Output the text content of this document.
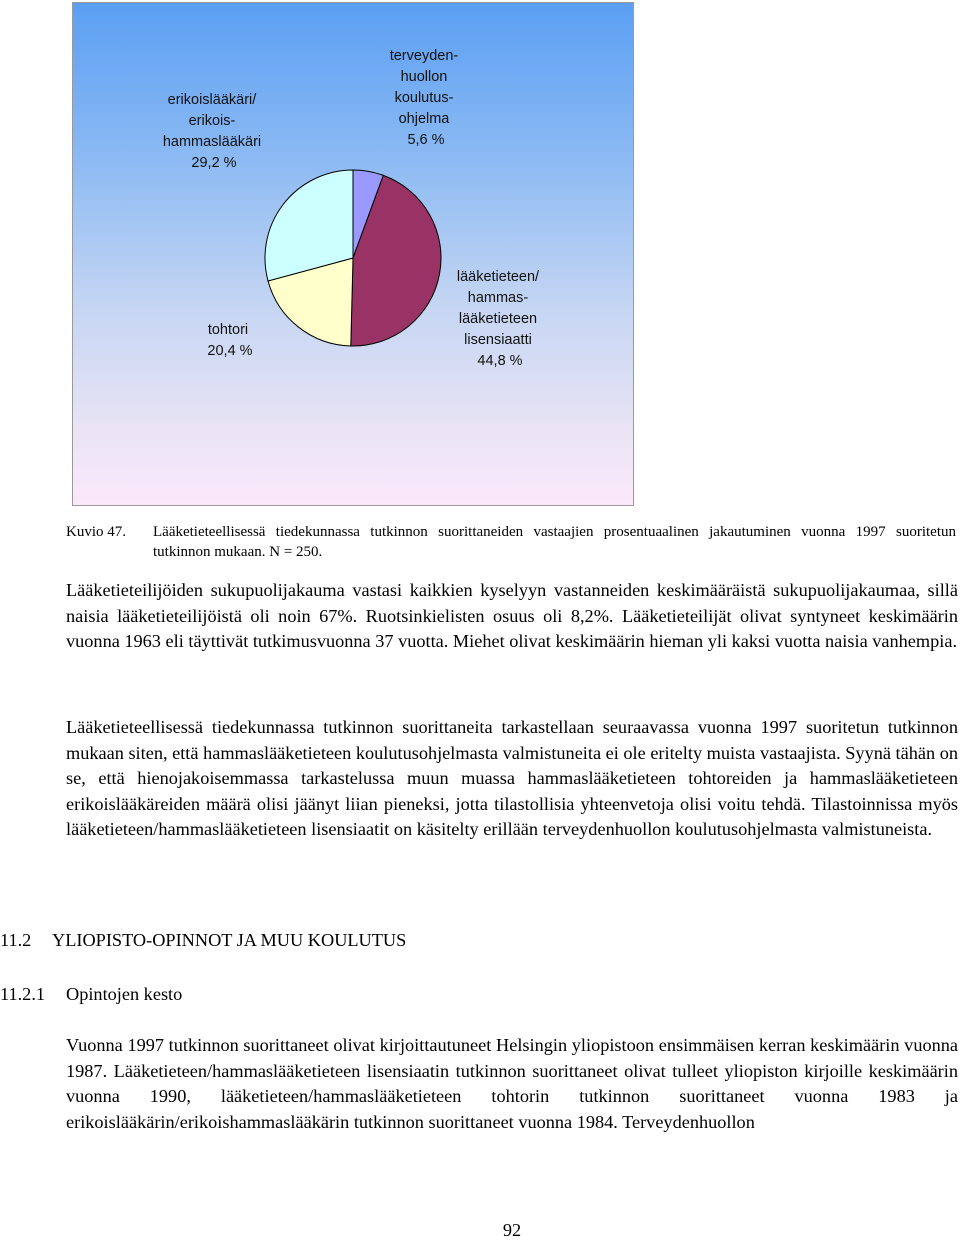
terveyden- huollon koulutus- ohjelma 5,6 %
erikoislääkäri/ erikois- hammaslääkäri 29,2 %
lääketieteen/ hammas- lääketieteen lisensiaatti 44,8 %
tohtori 20,4 %
Kuvio 47. Lääketieteellisessä tiedekunnassa tutkinnon suorittaneiden vastaajien prosentuaalinen jakautuminen vuonna 1997 suoritetun tutkinnon mukaan. N = 250.

Lääketieteilijöiden sukupuolijakauma vastasi kaikkien kyselyyn vastanneiden keskimääräistä sukupuolijakaumaa, sillä naisia lääketieteilijöistä oli noin 67%. Ruotsinkielisten osuus oli 8,2%. Lääketieteilijät olivat syntyneet keskimäärin vuonna 1963 eli täyttivät tutkimusvuonna 37 vuotta. Miehet olivat keskimäärin hieman yli kaksi vuotta naisia vanhempia.

Lääketieteellisessä tiedekunnassa tutkinnon suorittaneita tarkastellaan seuraavassa vuonna 1997 suoritetun tutkinnon mukaan siten, että hammaslääketieteen koulutusohjelmasta valmistuneita ei ole eritelty muista vastaajista. Syynä tähän on se, että hienojakoisemmassa tarkastelussa muun muassa hammaslääketieteen tohtoreiden ja hammaslääketieteen erikoislääkäreiden määrä olisi jäänyt liian pieneksi, jotta tilastollisia yhteenvetoja olisi voitu tehdä. Tilastoinnissa myös lääketieteen/hammaslääketieteen lisensiaatit on käsitelty erillään terveydenhuollon koulutusohjelmasta valmistuneista.

11.2 YLIOPISTO-OPINNOT JA MUU KOULUTUS
11.2.1 Opintojen kesto

Vuonna 1997 tutkinnon suorittaneet olivat kirjoittautuneet Helsingin yliopistoon ensimmäisen kerran keskimäärin vuonna 1987. Lääketieteen/hammaslääketieteen lisensiaatin tutkinnon suorittaneet olivat tulleet yliopiston kirjoille keskimäärin vuonna 1990, lääketieteen/hammaslääketieteen tohtorin tutkinnon suorittaneet vuonna 1983 ja erikoislääkärin/erikoishammaslääkärin tutkinnon suorittaneet vuonna 1984. Terveydenhuollon

92
